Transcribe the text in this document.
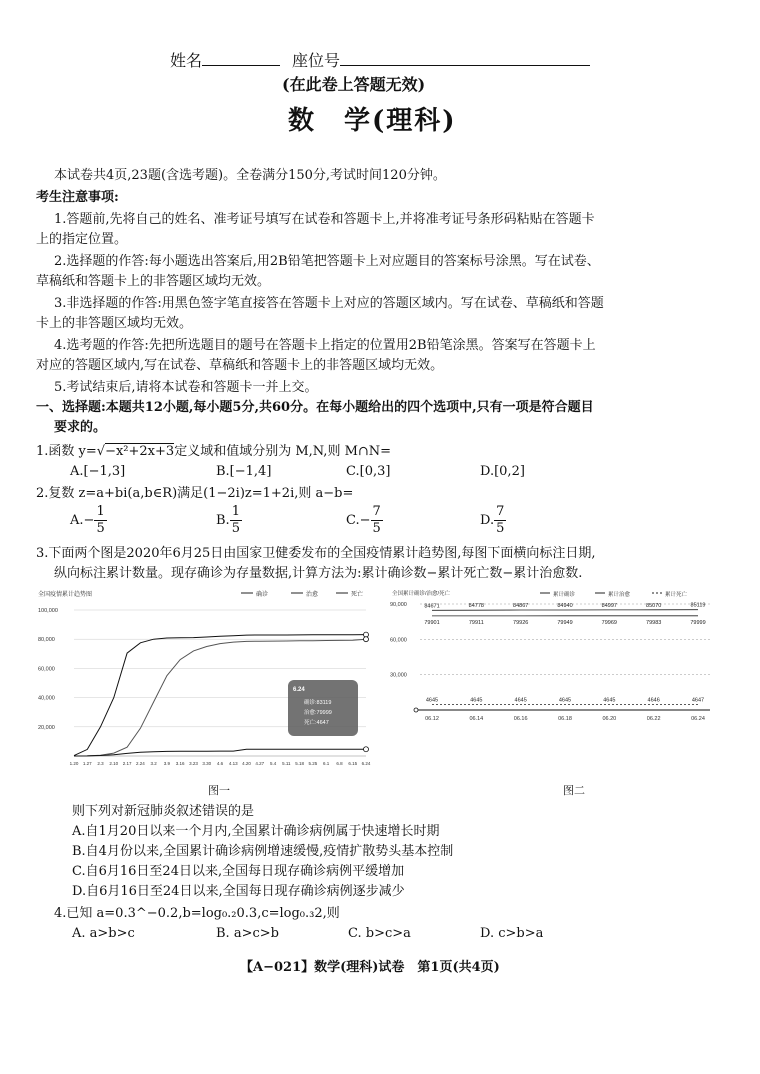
姓名	座位号
(在此卷上答题无效)
数　学(理科)
本试卷共4页,23题(含选考题)。全卷满分150分,考试时间120分钟。
考生注意事项:
1.答题前,先将自己的姓名、准考证号填写在试卷和答题卡上,并将准考证号条形码粘贴在答题卡
上的指定位置。
2.选择题的作答:每小题选出答案后,用2B铅笔把答题卡上对应题目的答案标号涂黑。写在试卷、
草稿纸和答题卡上的非答题区域均无效。
3.非选择题的作答:用黑色签字笔直接答在答题卡上对应的答题区域内。写在试卷、草稿纸和答题
卡上的非答题区域均无效。
4.选考题的作答:先把所选题目的题号在答题卡上指定的位置用2B铅笔涂黑。答案写在答题卡上
对应的答题区域内,写在试卷、草稿纸和答题卡上的非答题区域均无效。
5.考试结束后,请将本试卷和答题卡一并上交。
一、选择题:本题共12小题,每小题5分,共60分。在每小题给出的四个选项中,只有一项是符合题目
要求的。
1.函数 y=√−x²+2x+3定义域和值域分别为 M,N,则 M∩N=
A.[−1,3]	B.[−1,4]	C.[0,3]	D.[0,2]
2.复数 z=a+bi(a,b∈R)满足(1−2i)z=1+2i,则 a−b=
$A.- \frac{1}{5}$	B. $\frac{1}{5}$	$C.- \frac{7}{5}$	D. $\frac{7}{5}$
3.下面两个图是2020年6月25日由国家卫健委发布的全国疫情累计趋势图,每图下面横向标注日期,
纵向标注累计数量。现存确诊为存量数据,计算方法为:累计确诊数−累计死亡数−累计治愈数.
全国疫情累计趋势图	确诊	治愈	死亡
100,000
80,000
60,000
40,000
20,000
1.20 1.27 2.3 2.10 2.17 2.24 3.2 3.9 3.16 3.23 3.30 4.6 4.13 4.20 4.27 5.4 5.11 5.18 5.25 6.1 6.8 6.15 6.24
6.24
确诊:83119
治愈:79999
死亡:4647
图一
全国累计确诊/治愈/死亡	累计确诊	累计治愈	累计死亡
90,000
60,000
30,000
06.12	06.14	06.16	06.18	06.20	06.22	06.24
84671	84778	84867	84940	84997	85070	85119
79901	79911	79926	79949	79969	79983	79999
4645	4645	4645	4645	4645	4646	4647
图二
则下列对新冠肺炎叙述错误的是
A.自1月20日以来一个月内,全国累计确诊病例属于快速增长时期
B.自4月份以来,全国累计确诊病例增速缓慢,疫情扩散势头基本控制
C.自6月16日至24日以来,全国每日现存确诊病例平缓增加
D.自6月16日至24日以来,全国每日现存确诊病例逐步减少
4.已知 a=0.3^−0.2,b=log₀.₂0.3,c=log₀.₃2,则
A. a>b>c	B. a>c>b	C. b>c>a	D. c>b>a
【A−021】数学(理科)试卷　第1页(共4页)
